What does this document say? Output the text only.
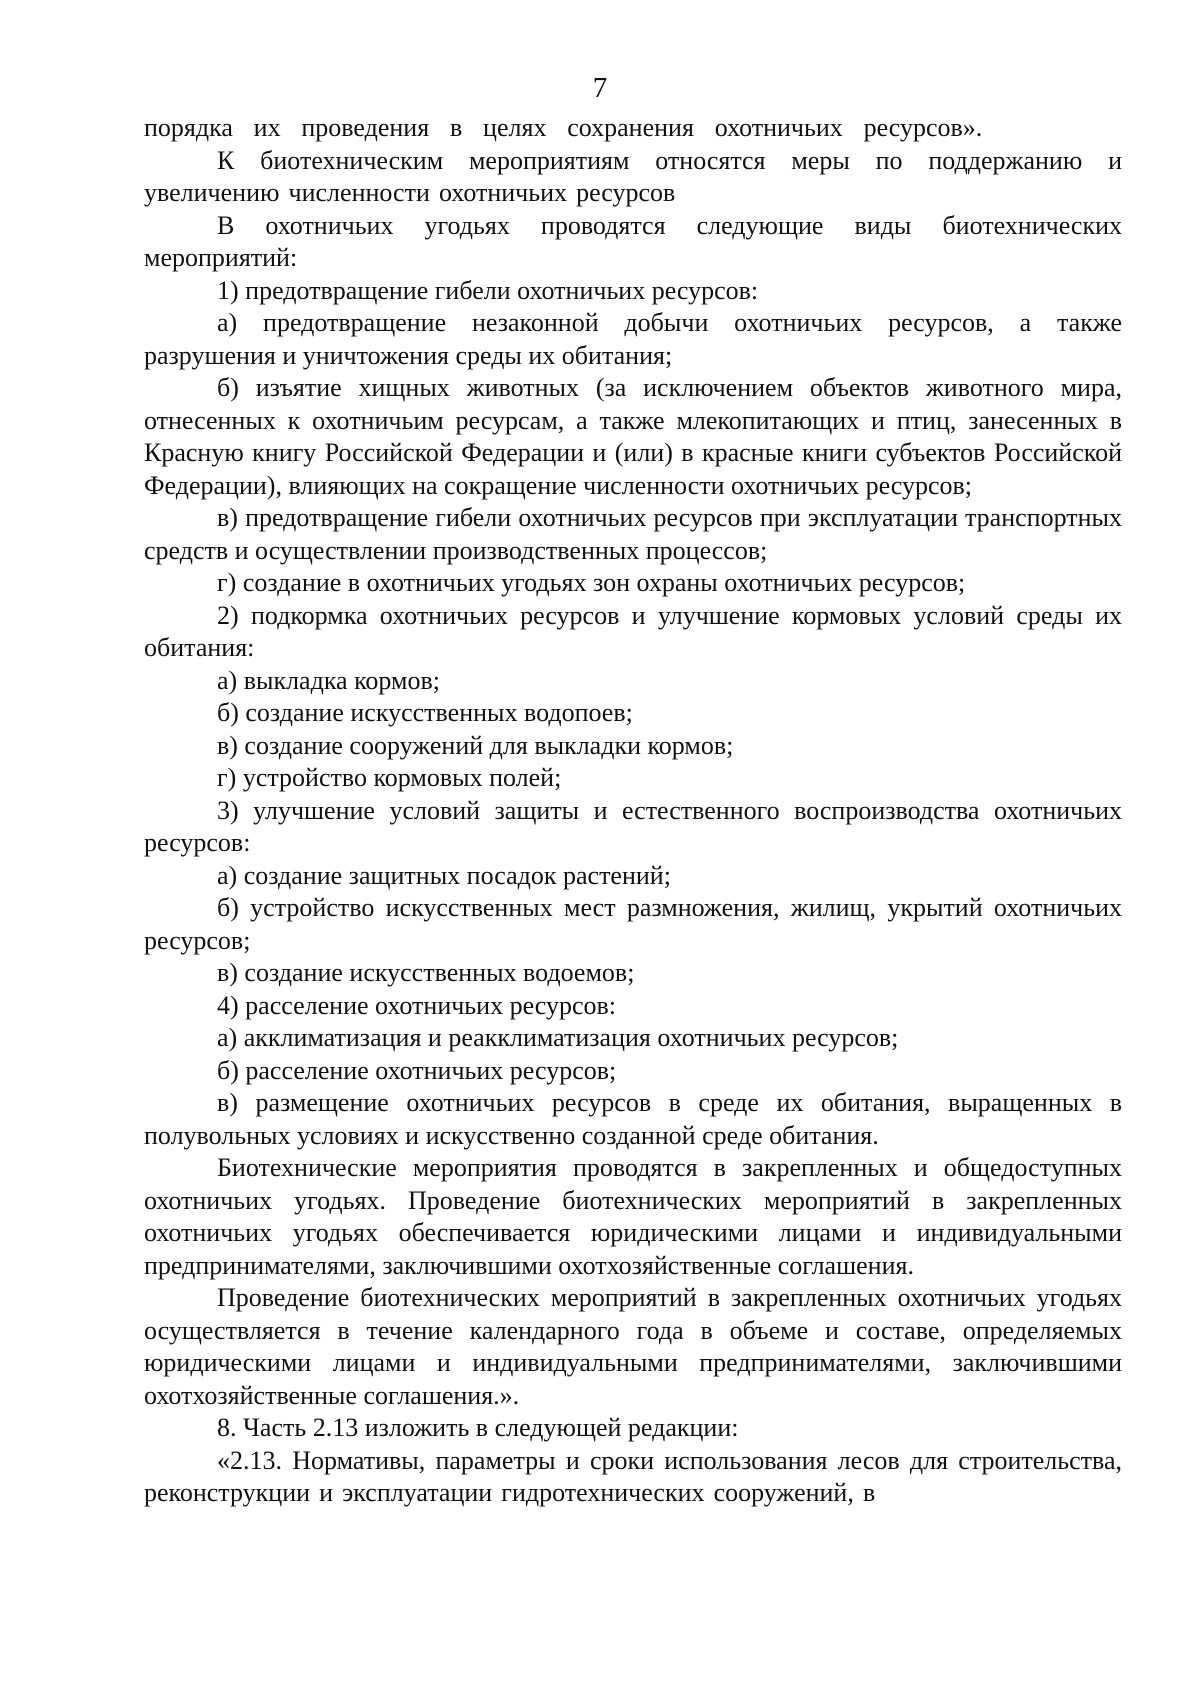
7

порядка их проведения в целях сохранения охотничьих ресурсов».

К биотехническим мероприятиям относятся меры по поддержанию и увеличению численности охотничьих ресурсов

В охотничьих угодьях проводятся следующие виды биотехнических мероприятий:

1) предотвращение гибели охотничьих ресурсов:

а) предотвращение незаконной добычи охотничьих ресурсов, а также разрушения и уничтожения среды их обитания;

б) изъятие хищных животных (за исключением объектов животного мира, отнесенных к охотничьим ресурсам, а также млекопитающих и птиц, занесенных в Красную книгу Российской Федерации и (или) в красные книги субъектов Российской Федерации), влияющих на сокращение численности охотничьих ресурсов;

в) предотвращение гибели охотничьих ресурсов при эксплуатации транспортных средств и осуществлении производственных процессов;

г) создание в охотничьих угодьях зон охраны охотничьих ресурсов;

2) подкормка охотничьих ресурсов и улучшение кормовых условий среды их обитания:

а) выкладка кормов;

б) создание искусственных водопоев;

в) создание сооружений для выкладки кормов;

г) устройство кормовых полей;

3) улучшение условий защиты и естественного воспроизводства охотничьих ресурсов:

а) создание защитных посадок растений;

б) устройство искусственных мест размножения, жилищ, укрытий охотничьих ресурсов;

в) создание искусственных водоемов;

4) расселение охотничьих ресурсов:

а) акклиматизация и реакклиматизация охотничьих ресурсов;

б) расселение охотничьих ресурсов;

в) размещение охотничьих ресурсов в среде их обитания, выращенных в полувольных условиях и искусственно созданной среде обитания.

Биотехнические мероприятия проводятся в закрепленных и общедоступных охотничьих угодьях. Проведение биотехнических мероприятий в закрепленных охотничьих угодьях обеспечивается юридическими лицами и индивидуальными предпринимателями, заключившими охотхозяйственные соглашения.

Проведение биотехнических мероприятий в закрепленных охотничьих угодьях осуществляется в течение календарного года в объеме и составе, определяемых юридическими лицами и индивидуальными предпринимателями, заключившими охотхозяйственные соглашения.».

8. Часть 2.13 изложить в следующей редакции:

«2.13. Нормативы, параметры и сроки использования лесов для строительства, реконструкции и эксплуатации гидротехнических сооружений, в
